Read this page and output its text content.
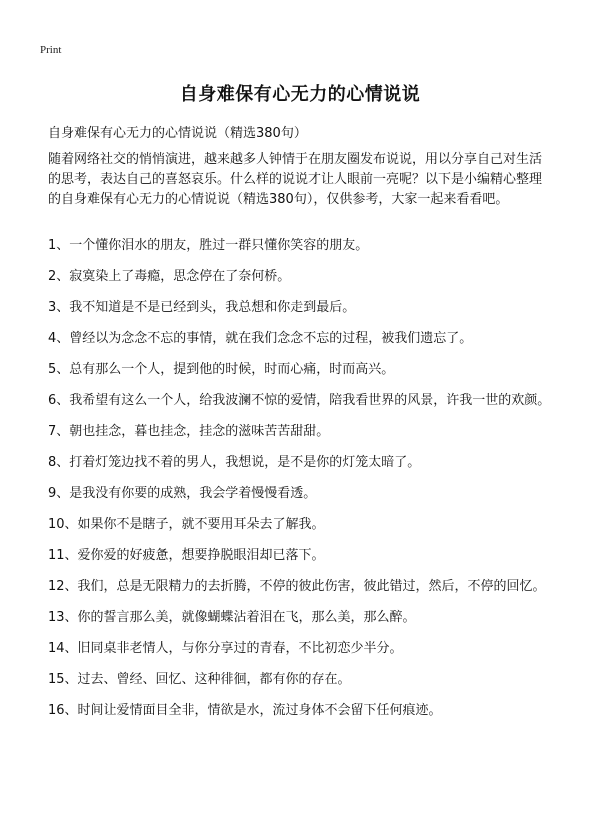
Print
自身难保有心无力的心情说说
自身难保有心无力的心情说说（精选380句）
随着网络社交的悄悄演进，越来越多人钟情于在朋友圈发布说说，用以分享自己对生活的思考，表达自己的喜怒哀乐。什么样的说说才让人眼前一亮呢？以下是小编精心整理的自身难保有心无力的心情说说（精选380句），仅供参考，大家一起来看看吧。
1、一个懂你泪水的朋友，胜过一群只懂你笑容的朋友。
2、寂寞染上了毒瘾，思念停在了奈何桥。
3、我不知道是不是已经到头，我总想和你走到最后。
4、曾经以为念念不忘的事情，就在我们念念不忘的过程，被我们遗忘了。
5、总有那么一个人，提到他的时候，时而心痛，时而高兴。
6、我希望有这么一个人，给我波澜不惊的爱情，陪我看世界的风景，许我一世的欢颜。
7、朝也挂念，暮也挂念，挂念的滋味苦苦甜甜。
8、打着灯笼边找不着的男人，我想说，是不是你的灯笼太暗了。
9、是我没有你要的成熟，我会学着慢慢看透。
10、如果你不是瞎子，就不要用耳朵去了解我。
11、爱你爱的好疲惫，想要挣脱眼泪却已落下。
12、我们，总是无限精力的去折腾，不停的彼此伤害，彼此错过，然后，不停的回忆。
13、你的誓言那么美，就像蝴蝶沾着泪在飞，那么美，那么醉。
14、旧同桌非老情人，与你分享过的青春，不比初恋少半分。
15、过去、曾经、回忆、这种徘徊，都有你的存在。
16、时间让爱情面目全非，情欲是水，流过身体不会留下任何痕迹。
